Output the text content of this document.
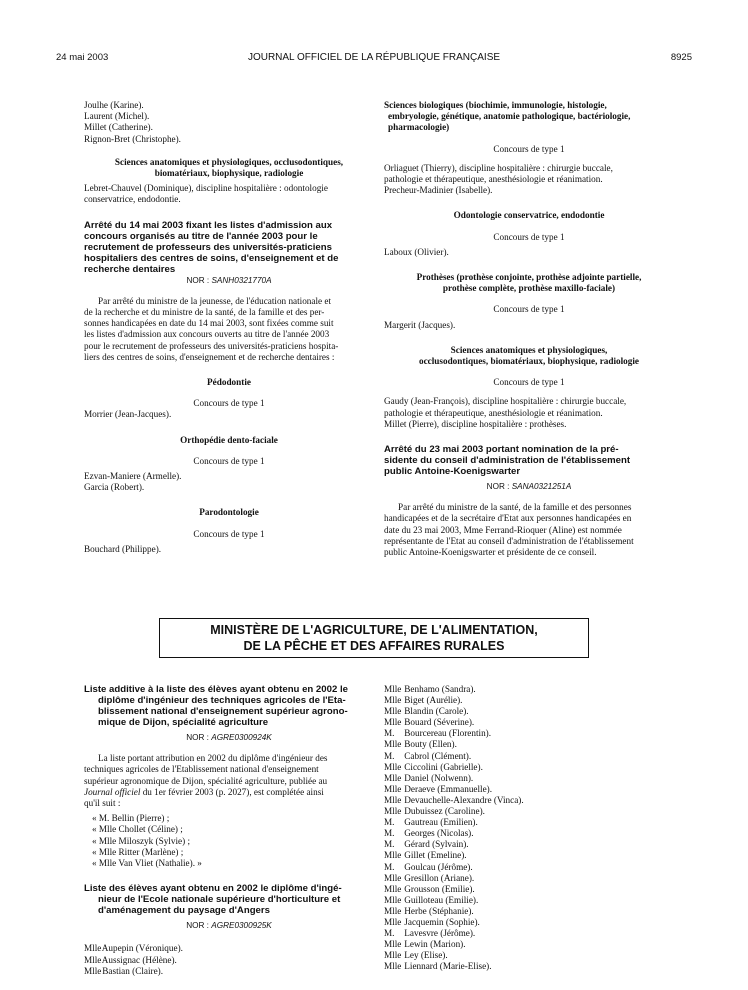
24 mai 2003	JOURNAL OFFICIEL DE LA RÉPUBLIQUE FRANÇAISE	8925
Joulhe (Karine).
Laurent (Michel).
Millet (Catherine).
Rignon-Bret (Christophe).
Sciences anatomiques et physiologiques, occlusodontiques,
biomatériaux, biophysique, radiologie
Lebret-Chauvel (Dominique), discipline hospitalière : odontologie
conservatrice, endodontie.
Arrêté du 14 mai 2003 fixant les listes d'admission aux
concours organisés au titre de l'année 2003 pour le
recrutement de professeurs des universités-praticiens
hospitaliers des centres de soins, d'enseignement et de
recherche dentaires
NOR : SANH0321770A
Par arrêté du ministre de la jeunesse, de l'éducation nationale et
de la recherche et du ministre de la santé, de la famille et des per-
sonnes handicapées en date du 14 mai 2003, sont fixées comme suit
les listes d'admission aux concours ouverts au titre de l'année 2003
pour le recrutement de professeurs des universités-praticiens hospita-
liers des centres de soins, d'enseignement et de recherche dentaires :
Pédodontie
Concours de type 1
Morrier (Jean-Jacques).
Orthopédie dento-faciale
Concours de type 1
Ezvan-Maniere (Armelle).
Garcia (Robert).
Parodontologie
Concours de type 1
Bouchard (Philippe).
Sciences biologiques (biochimie, immunologie, histologie,
embryologie, génétique, anatomie pathologique, bactériologie,
pharmacologie)
Concours de type 1
Orliaguet (Thierry), discipline hospitalière : chirurgie buccale,
pathologie et thérapeutique, anesthésiologie et réanimation.
Precheur-Madinier (Isabelle).
Odontologie conservatrice, endodontie
Concours de type 1
Laboux (Olivier).
Prothèses (prothèse conjointe, prothèse adjointe partielle,
prothèse complète, prothèse maxillo-faciale)
Concours de type 1
Margerit (Jacques).
Sciences anatomiques et physiologiques,
occlusodontiques, biomatériaux, biophysique, radiologie
Concours de type 1
Gaudy (Jean-François), discipline hospitalière : chirurgie buccale,
pathologie et thérapeutique, anesthésiologie et réanimation.
Millet (Pierre), discipline hospitalière : prothèses.
Arrêté du 23 mai 2003 portant nomination de la pré-
sidente du conseil d'administration de l'établissement
public Antoine-Koenigswarter
NOR : SANA0321251A
Par arrêté du ministre de la santé, de la famille et des personnes
handicapées et de la secrétaire d'Etat aux personnes handicapées en
date du 23 mai 2003, Mme Ferrand-Rioquer (Aline) est nommée
représentante de l'Etat au conseil d'administration de l'établissement
public Antoine-Koenigswarter et présidente de ce conseil.
MINISTÈRE DE L'AGRICULTURE, DE L'ALIMENTATION,
DE LA PÊCHE ET DES AFFAIRES RURALES
Liste additive à la liste des élèves ayant obtenu en 2002 le
diplôme d'ingénieur des techniques agricoles de l'Eta-
blissement national d'enseignement supérieur agrono-
mique de Dijon, spécialité agriculture
NOR : AGRE0300924K
La liste portant attribution en 2002 du diplôme d'ingénieur des
techniques agricoles de l'Etablissement national d'enseignement
supérieur agronomique de Dijon, spécialité agriculture, publiée au
Journal officiel du 1er février 2003 (p. 2027), est complétée ainsi
qu'il suit :
« M. Bellin (Pierre) ;
« Mlle Chollet (Céline) ;
« Mlle Miloszyk (Sylvie) ;
« Mlle Ritter (Marlène) ;
« Mlle Van Vliet (Nathalie). »
Liste des élèves ayant obtenu en 2002 le diplôme d'ingé-
nieur de l'Ecole nationale supérieure d'horticulture et
d'aménagement du paysage d'Angers
NOR : AGRE0300925K
Mlle Aupepin (Véronique).
Mlle Aussignac (Hélène).
Mlle Bastian (Claire).
Mlle Benhamo (Sandra).
Mlle Biget (Aurélie).
Mlle Blandin (Carole).
Mlle Bouard (Séverine).
M. Bourcereau (Florentin).
Mlle Bouty (Ellen).
M. Cabrol (Clément).
Mlle Ciccolini (Gabrielle).
Mlle Daniel (Nolwenn).
Mlle Deraeve (Emmanuelle).
Mlle Devauchelle-Alexandre (Vinca).
Mlle Dubuissez (Caroline).
M. Gautreau (Emilien).
M. Georges (Nicolas).
M. Gérard (Sylvain).
Mlle Gillet (Emeline).
M. Goulcau (Jérôme).
Mlle Gresillon (Ariane).
Mlle Grousson (Emilie).
Mlle Guilloteau (Emilie).
Mlle Herbe (Stéphanie).
Mlle Jacquemin (Sophie).
M. Lavesvre (Jérôme).
Mlle Lewin (Marion).
Mlle Ley (Elise).
Mlle Liennard (Marie-Elise).
